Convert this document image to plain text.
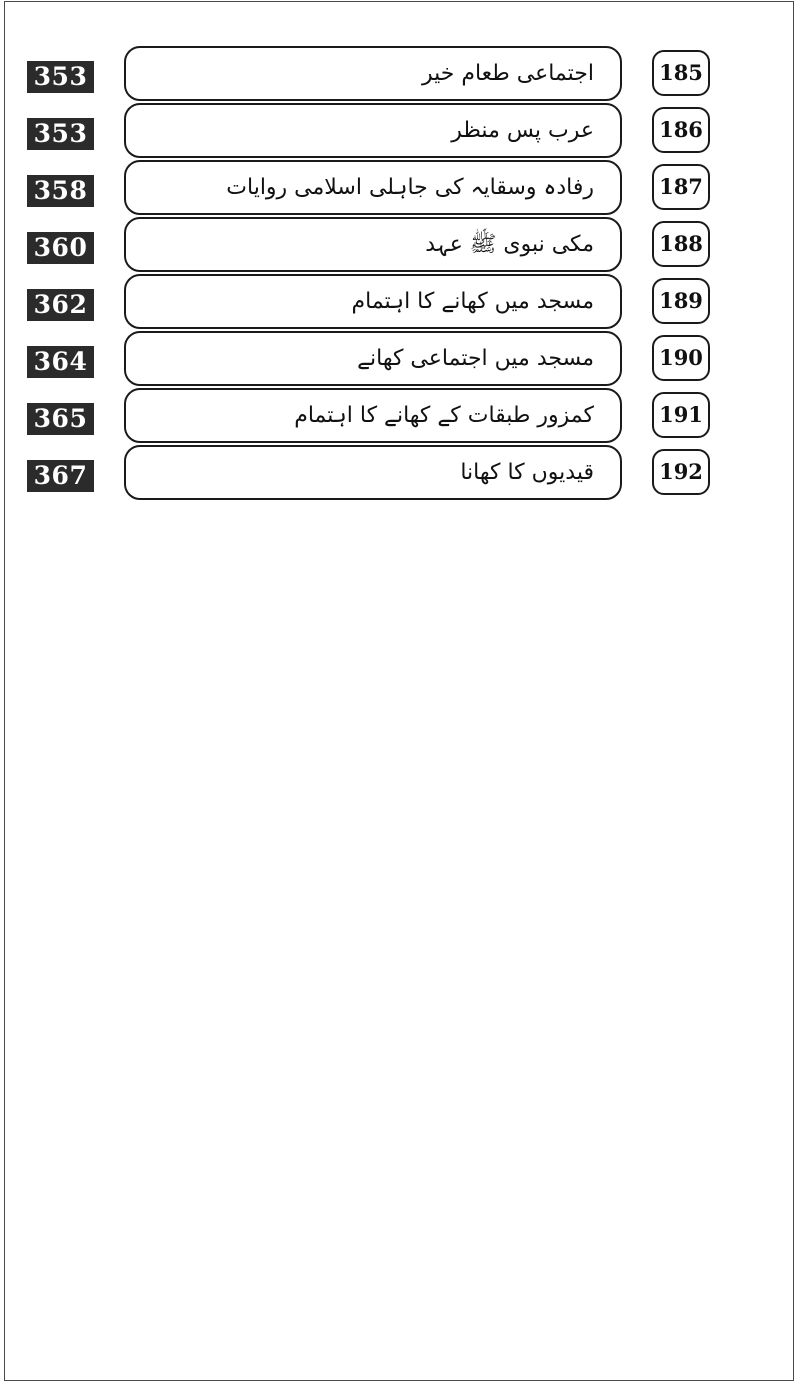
353	اجتماعی طعام خیر	185
353	عرب پس منظر	186
358	رفادہ وسقایہ کی جاہلی اسلامی روایات	187
360	مکی نبوی ﷺ عہد	188
362	مسجد میں کھانے کا اہتمام	189
364	مسجد میں اجتماعی کھانے	190
365	کمزور طبقات کے کھانے کا اہتمام	191
367	قیدیوں کا کھانا	192
